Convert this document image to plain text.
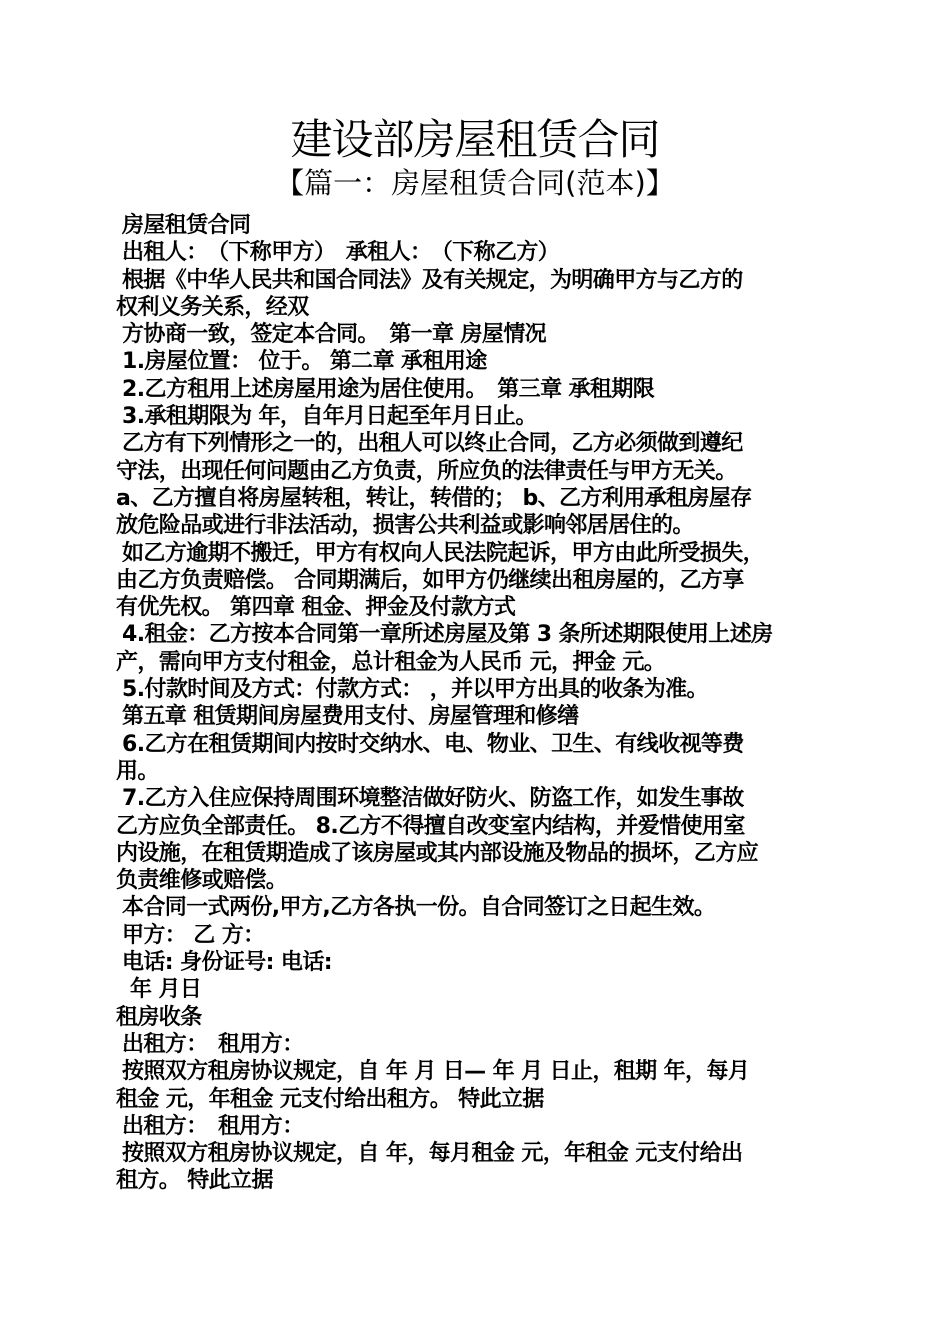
建设部房屋租赁合同
【篇一：房屋租赁合同(范本)】
房屋租赁合同
出租人：　（下称甲方）　承租人：　（下称乙方）
根据《中华人民共和国合同法》及有关规定，为明确甲方与乙方的
权利义务关系，经双
方协商一致，签定本合同。　第一章 房屋情况
1.房屋位置： 位于。 第二章 承租用途
2.乙方租用上述房屋用途为居住使用。　第三章 承租期限
3.承租期限为 年，自年月日起至年月日止。
乙方有下列情形之一的，出租人可以终止合同，乙方必须做到遵纪
守法，出现任何问题由乙方负责，所应负的法律责任与甲方无关。
a、乙方擅自将房屋转租，转让，转借的； b、乙方利用承租房屋存
放危险品或进行非法活动，损害公共利益或影响邻居居住的。
如乙方逾期不搬迁，甲方有权向人民法院起诉，甲方由此所受损失，
由乙方负责赔偿。 合同期满后，如甲方仍继续出租房屋的，乙方享
有优先权。 第四章 租金、押金及付款方式
4.租金：乙方按本合同第一章所述房屋及第 3 条所述期限使用上述房
产，需向甲方支付租金，总计租金为人民币 元，押金 元。
5.付款时间及方式：付款方式： ，并以甲方出具的收条为准。
第五章 租赁期间房屋费用支付、房屋管理和修缮
6.乙方在租赁期间内按时交纳水、电、物业、卫生、有线收视等费
用。
7.乙方入住应保持周围环境整洁做好防火、防盗工作，如发生事故
乙方应负全部责任。 8.乙方不得擅自改变室内结构，并爱惜使用室
内设施，在租赁期造成了该房屋或其内部设施及物品的损坏，乙方应
负责维修或赔偿。
本合同一式两份,甲方,乙方各执一份。自合同签订之日起生效。
甲方： 乙 方：
电话: 身份证号: 电话:
年 月日
租房收条
出租方：　租用方：
按照双方租房协议规定，自 年 月 日— 年 月 日止，租期 年，每月
租金 元，年租金 元支付给出租方。 特此立据
出租方：　租用方：
按照双方租房协议规定，自 年，每月租金 元，年租金 元支付给出
租方。 特此立据
